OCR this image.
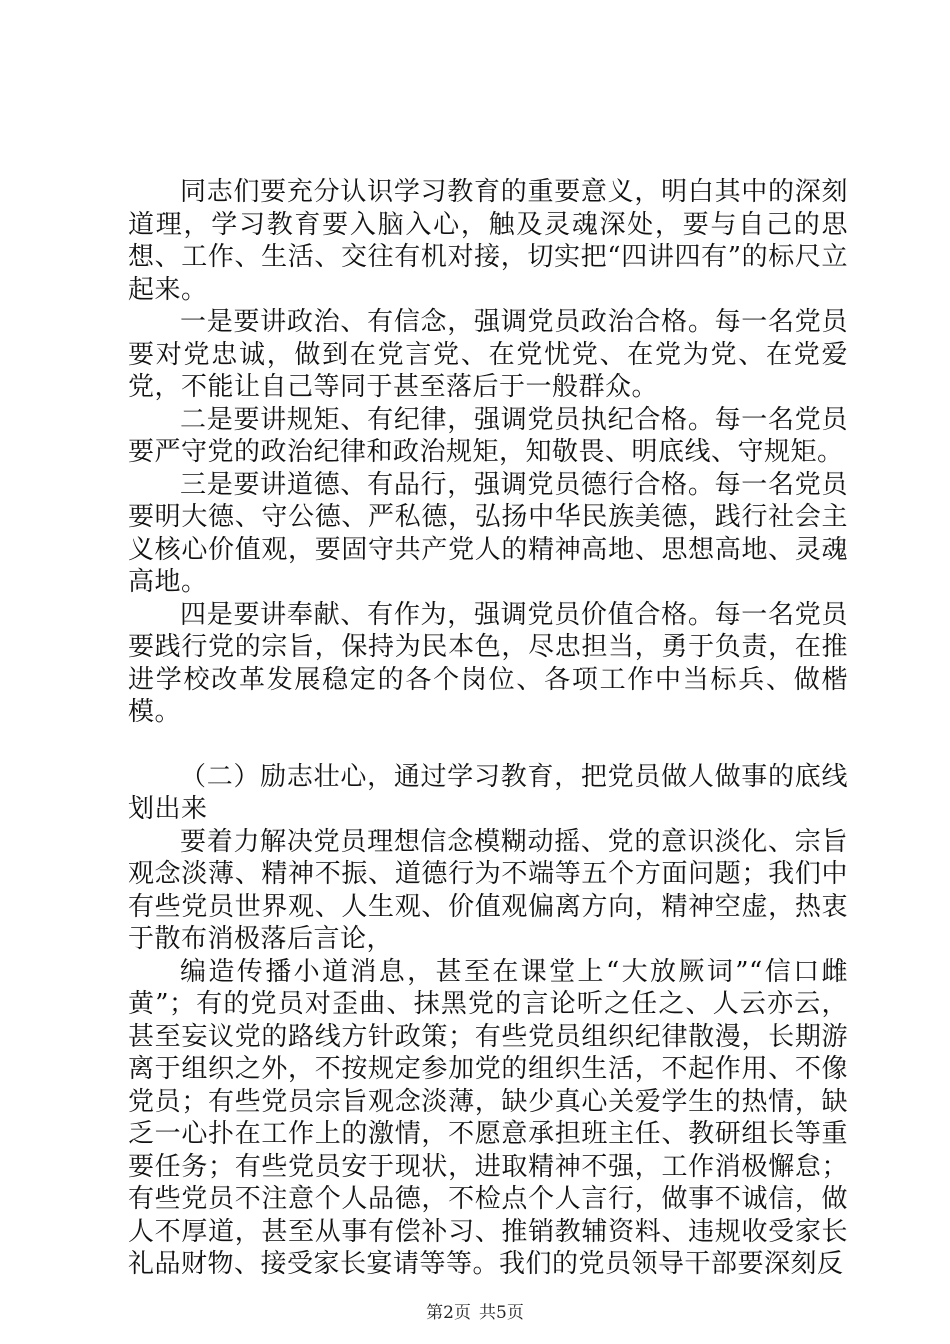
同志们要充分认识学习教育的重要意义，明白其中的深刻道理，学习教育要入脑入心，触及灵魂深处，要与自己的思想、工作、生活、交往有机对接，切实把“四讲四有”的标尺立起来。

一是要讲政治、有信念，强调党员政治合格。每一名党员要对党忠诚，做到在党言党、在党忧党、在党为党、在党爱党，不能让自己等同于甚至落后于一般群众。

二是要讲规矩、有纪律，强调党员执纪合格。每一名党员要严守党的政治纪律和政治规矩，知敬畏、明底线、守规矩。

三是要讲道德、有品行，强调党员德行合格。每一名党员要明大德、守公德、严私德，弘扬中华民族美德，践行社会主义核心价值观，要固守共产党人的精神高地、思想高地、灵魂高地。

四是要讲奉献、有作为，强调党员价值合格。每一名党员要践行党的宗旨，保持为民本色，尽忠担当，勇于负责，在推进学校改革发展稳定的各个岗位、各项工作中当标兵、做楷模。

（二）励志壮心，通过学习教育，把党员做人做事的底线划出来

要着力解决党员理想信念模糊动摇、党的意识淡化、宗旨观念淡薄、精神不振、道德行为不端等五个方面问题；我们中有些党员世界观、人生观、价值观偏离方向，精神空虚，热衷于散布消极落后言论，

编造传播小道消息，甚至在课堂上“大放厥词”“信口雌黄”；有的党员对歪曲、抹黑党的言论听之任之、人云亦云，甚至妄议党的路线方针政策；有些党员组织纪律散漫，长期游离于组织之外，不按规定参加党的组织生活，不起作用、不像党员；有些党员宗旨观念淡薄，缺少真心关爱学生的热情，缺乏一心扑在工作上的激情，不愿意承担班主任、教研组长等重要任务；有些党员安于现状，进取精神不强，工作消极懈怠；有些党员不注意个人品德，不检点个人言行，做事不诚信，做人不厚道，甚至从事有偿补习、推销教辅资料、违规收受家长礼品财物、接受家长宴请等等。我们的党员领导干部要深刻反

第2页 共5页
